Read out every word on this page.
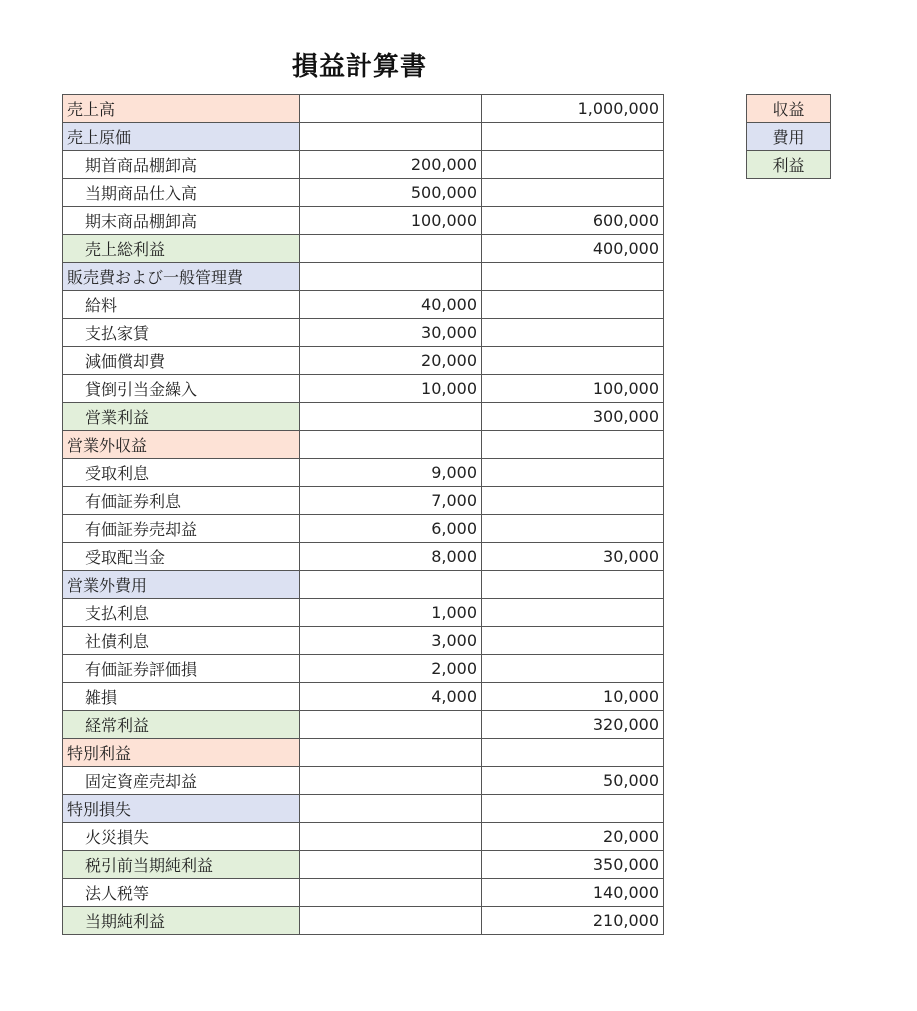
損益計算書
売上高		1,000,000
売上原価		
期首商品棚卸高	200,000	
当期商品仕入高	500,000	
期末商品棚卸高	100,000	600,000
売上総利益		400,000
販売費および一般管理費		
給料	40,000	
支払家賃	30,000	
減価償却費	20,000	
貸倒引当金繰入	10,000	100,000
営業利益		300,000
営業外収益		
受取利息	9,000	
有価証券利息	7,000	
有価証券売却益	6,000	
受取配当金	8,000	30,000
営業外費用		
支払利息	1,000	
社債利息	3,000	
有価証券評価損	2,000	
雑損	4,000	10,000
経常利益		320,000
特別利益		
固定資産売却益		50,000
特別損失		
火災損失		20,000
税引前当期純利益		350,000
法人税等		140,000
当期純利益		210,000
収益
費用
利益
